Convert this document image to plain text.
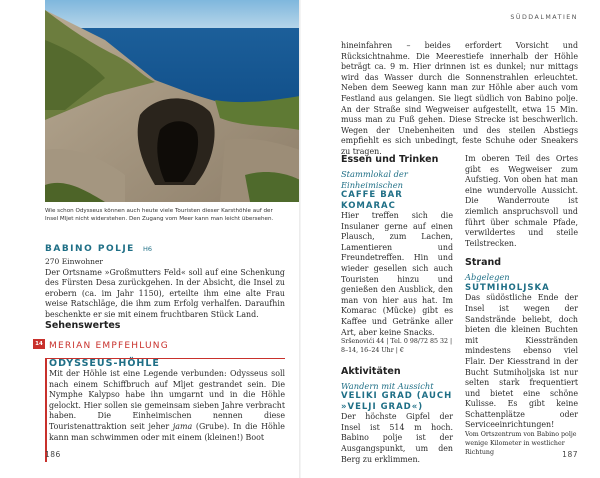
Wie schon Odysseus können auch heute viele Touristen dieser Karsthöhle auf der Insel Mljet nicht widerstehen. Den Zugang vom Meer kann man leicht übersehen.
BABINO POLJE H6
270 Einwohner

Der Ortsname »Großmutters Feld« soll auf eine Schenkung des Fürsten Desa zurückgehen. In der Absicht, die Insel zu erobern (ca. im Jahr 1150), erteilte ihm eine alte Frau weise Ratschläge, die ihm zum Erfolg verhalfen. Daraufhin beschenkte er sie mit einem fruchtbaren Stück Land.

Sehenswertes
14 MERIAN EMPFEHLUNG
ODYSSEUS-HÖHLE

Mit der Höhle ist eine Legende verbunden: Odysseus soll nach einem Schiffbruch auf Mljet gestrandet sein. Die Nymphe Kalypso habe ihn umgarnt und in die Höhle gelockt. Hier sollen sie gemeinsam sieben Jahre verbracht haben. Die Einheimischen nennen diese Touristenattraktion seit jeher jama (Grube). In die Höhle kann man schwimmen oder mit einem (kleinen!) Boot

186
SÜDDALMATIEN

hineinfahren – beides erfordert Vorsicht und Rücksichtnahme. Die Meerestiefe innerhalb der Höhle beträgt ca. 9 m. Hier drinnen ist es dunkel; nur mittags wird das Wasser durch die Sonnenstrahlen erleuchtet. Neben dem Seeweg kann man zur Höhle aber auch vom Festland aus gelangen. Sie liegt südlich von Babino polje. An der Straße sind Wegweiser aufgestellt, etwa 15 Min. muss man zu Fuß gehen. Diese Strecke ist beschwerlich. Wegen der Unebenheiten und des steilen Abstiegs empfiehlt es sich unbedingt, feste Schuhe oder Sneakers zu tragen.

Essen und Trinken
Stammlokal der Einheimischen
CAFFE BAR KOMARAC

Hier treffen sich die Insulaner gerne auf einen Plausch, zum Lachen, Lamentieren und Freundetreffen. Hin und wieder gesellen sich auch Touristen hinzu und genießen den Ausblick, den man von hier aus hat. Im Komarac (Mücke) gibt es Kaffee und Getränke aller Art, aber keine Snacks.

Sršenovići 44 | Tel. 0 98/72 85 32 | 8–14, 16–24 Uhr | €
Aktivitäten
Wandern mit Aussicht
VELIKI GRAD (AUCH »VELJI GRAD«)

Der höchste Gipfel der Insel ist 514 m hoch. Babino polje ist der Ausgangspunkt, um den Berg zu erklimmen.

Im oberen Teil des Ortes gibt es Wegweiser zum Aufstieg. Von oben hat man eine wundervolle Aussicht. Die Wanderroute ist ziemlich anspruchsvoll und führt über schmale Pfade, verwildertes und steile Teilstrecken.

Strand
Abgelegen
SUTMIHOLJSKA

Das südöstliche Ende der Insel ist wegen der Sandstrände beliebt, doch bieten die kleinen Buchten mit Kiesstränden mindestens ebenso viel Flair. Der Kiesstrand in der Bucht Sutmiholjska ist nur selten stark frequentiert und bietet eine schöne Kulisse. Es gibt keine Schattenplätze oder Serviceeinrichtungen!

Vom Ortszentrum von Babino polje wenige Kilometer in westlicher Richtung	187
